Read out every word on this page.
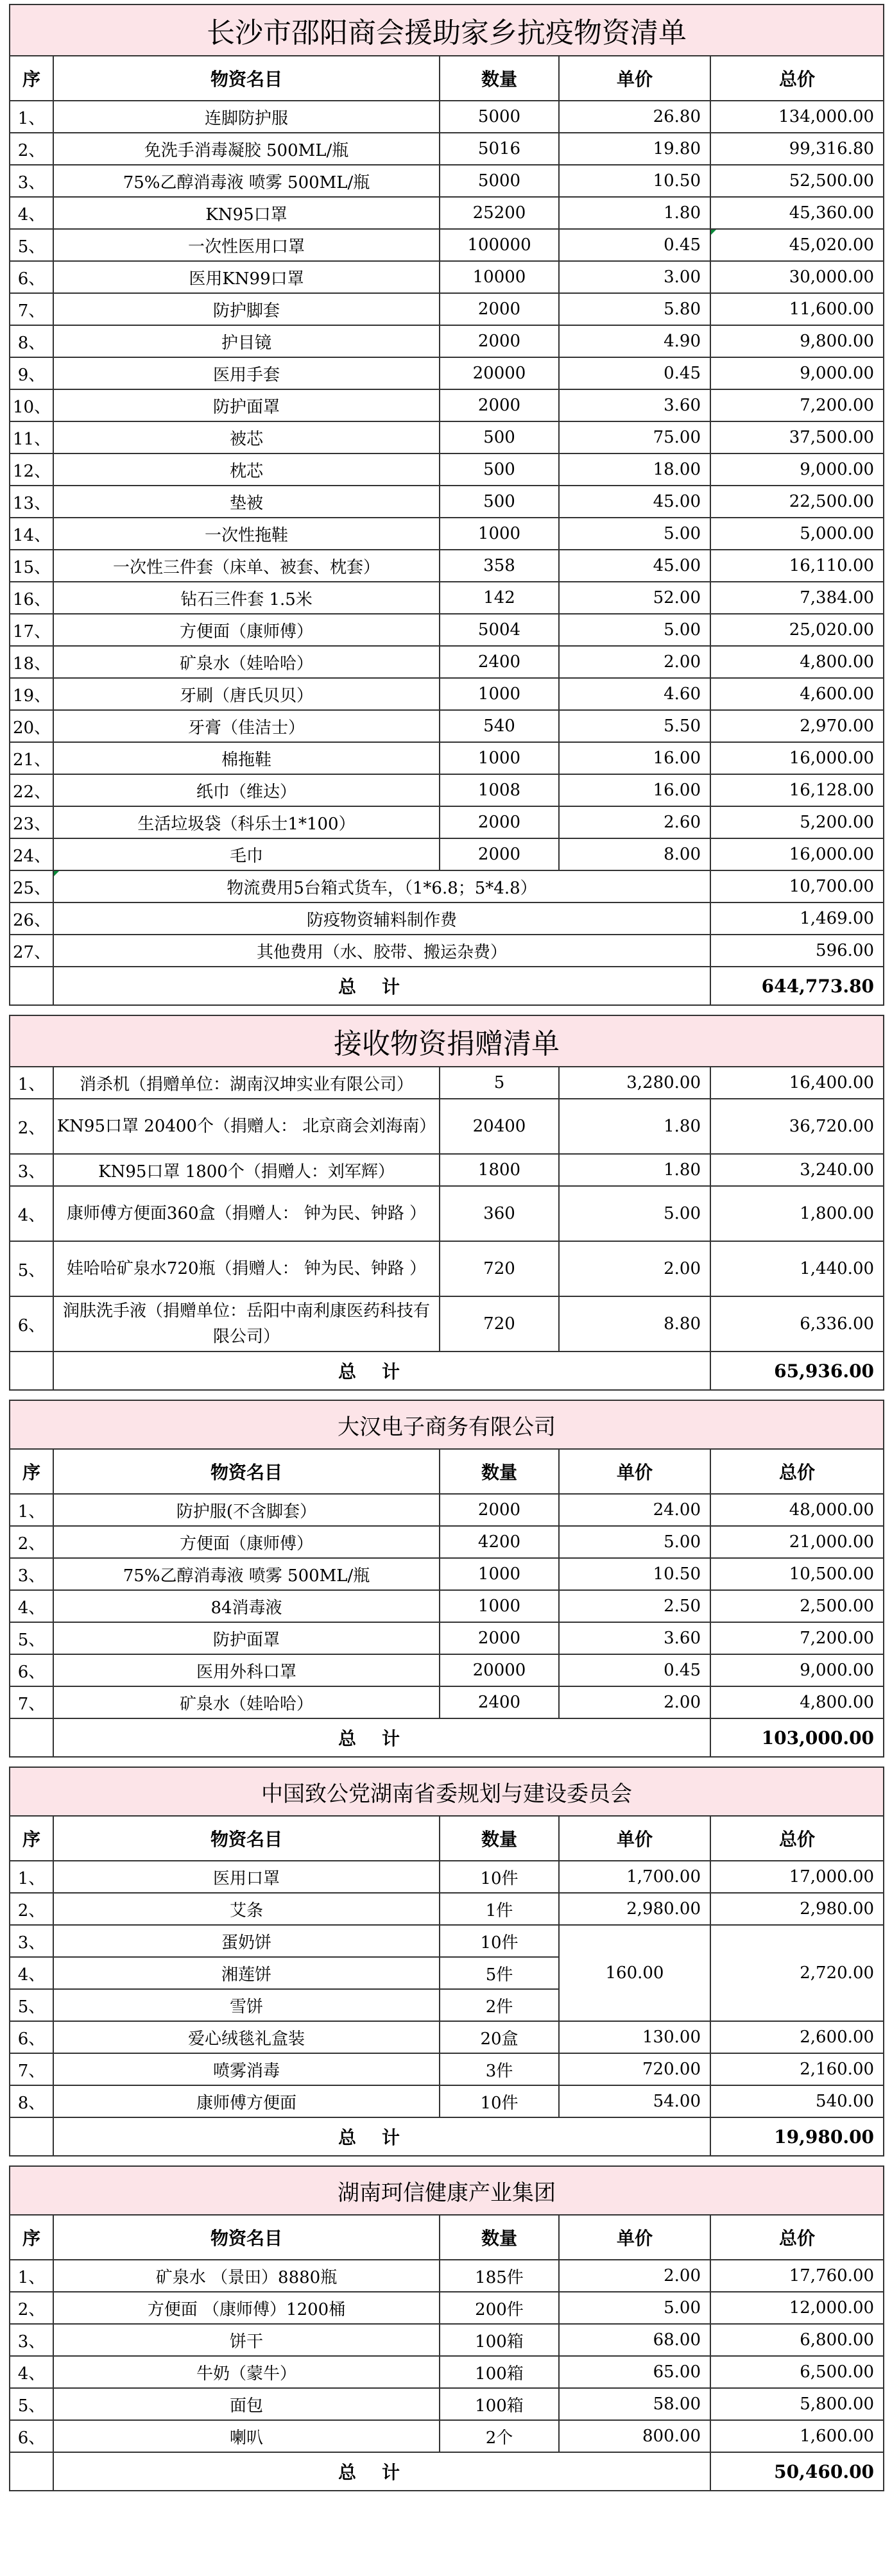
长沙市邵阳商会援助家乡抗疫物资清单				
序	物资名目	数量	单价	总价
1、	连脚防护服	5000	26.80	134,000.00
2、	免洗手消毒凝胶 500ML/瓶	5016	19.80	99,316.80
3、	75%乙醇消毒液 喷雾 500ML/瓶	5000	10.50	52,500.00
4、	KN95口罩	25200	1.80	45,360.00
5、	一次性医用口罩	100000	0.45	45,020.00
6、	医用KN99口罩	10000	3.00	30,000.00
7、	防护脚套	2000	5.80	11,600.00
8、	护目镜	2000	4.90	9,800.00
9、	医用手套	20000	0.45	9,000.00
10、	防护面罩	2000	3.60	7,200.00
11、	被芯	500	75.00	37,500.00
12、	枕芯	500	18.00	9,000.00
13、	垫被	500	45.00	22,500.00
14、	一次性拖鞋	1000	5.00	5,000.00
15、	一次性三件套（床单、被套、枕套）	358	45.00	16,110.00
16、	钻石三件套 1.5米	142	52.00	7,384.00
17、	方便面（康师傅）	5004	5.00	25,020.00
18、	矿泉水（娃哈哈）	2400	2.00	4,800.00
19、	牙刷（唐氏贝贝）	1000	4.60	4,600.00
20、	牙膏（佳洁士）	540	5.50	2,970.00
21、	棉拖鞋	1000	16.00	16,000.00
22、	纸巾（维达）	1008	16.00	16,128.00
23、	生活垃圾袋（科乐士1*100）	2000	2.60	5,200.00
24、	毛巾	2000	8.00	16,000.00
25、	物流费用5台箱式货车，（1*6.8；5*4.8）			10,700.00
26、	防疫物资辅料制作费			1,469.00
27、	其他费用（水、胶带、搬运杂费）			596.00
	总计			644,773.80

接收物资捐赠清单				
1、	消杀机（捐赠单位：湖南汉坤实业有限公司）	5	3,280.00	16,400.00
2、	KN95口罩 20400个（捐赠人： 北京商会刘海南）	20400	1.80	36,720.00
3、	KN95口罩 1800个（捐赠人：刘军辉）	1800	1.80	3,240.00
4、	康师傅方便面360盒（捐赠人： 钟为民、钟路 ）	360	5.00	1,800.00
5、	娃哈哈矿泉水720瓶（捐赠人： 钟为民、钟路 ）	720	2.00	1,440.00
6、	润肤洗手液（捐赠单位：岳阳中南利康医药科技有限公司）	720	8.80	6,336.00
	总计			65,936.00

大汉电子商务有限公司				
序	物资名目	数量	单价	总价
1、	防护服(不含脚套）	2000	24.00	48,000.00
2、	方便面（康师傅）	4200	5.00	21,000.00
3、	75%乙醇消毒液 喷雾 500ML/瓶	1000	10.50	10,500.00
4、	84消毒液	1000	2.50	2,500.00
5、	防护面罩	2000	3.60	7,200.00
6、	医用外科口罩	20000	0.45	9,000.00
7、	矿泉水（娃哈哈）	2400	2.00	4,800.00
	总计			103,000.00

中国致公党湖南省委规划与建设委员会				
序	物资名目	数量	单价	总价
1、	医用口罩	10件	1,700.00	17,000.00
2、	艾条	1件	2,980.00	2,980.00
3、	蛋奶饼	10件	160.00	2,720.00
4、	湘莲饼	5件		
5、	雪饼	2件		
6、	爱心绒毯礼盒装	20盒	130.00	2,600.00
7、	喷雾消毒	3件	720.00	2,160.00
8、	康师傅方便面	10件	54.00	540.00
	总计			19,980.00

湖南珂信健康产业集团				
序	物资名目	数量	单价	总价
1、	矿泉水 （景田）8880瓶	185件	2.00	17,760.00
2、	方便面 （康师傅）1200桶	200件	5.00	12,000.00
3、	饼干	100箱	68.00	6,800.00
4、	牛奶（蒙牛）	100箱	65.00	6,500.00
5、	面包	100箱	58.00	5,800.00
6、	喇叭	2个	800.00	1,600.00
	总计			50,460.00
